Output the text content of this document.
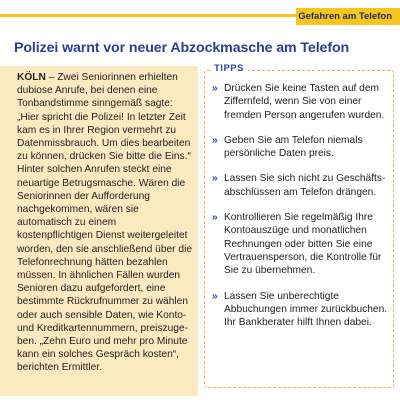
Gefahren am Telefon
Polizei warnt vor neuer Abzockmasche am Telefon

KÖLN – Zwei Seniorinnen erhielten dubiose Anrufe, bei denen eine Tonbandstimme sinngemäß sagte: „Hier spricht die Polizei! In letzter Zeit kam es in Ihrer Region vermehrt zu Datenmissbrauch. Um dies bearbeiten zu können, drücken Sie bitte die Eins.“ Hinter solchen Anrufen steckt eine neuartige Betrugsmasche. Wären die Seniorinnen der Aufforderung nachgekommen, wären sie automatisch zu einem kostenpflichtigen Dienst weitergeleitet worden, den sie anschließend über die Telefonrechnung hätten bezahlen müssen. In ähnlichen Fällen wurden Senioren dazu aufgefordert, eine bestimmte Rückrufnummer zu wählen oder auch sensible Daten, wie Konto- und Kreditkartennummern, preiszugeben. „Zehn Euro und mehr pro Minute kann ein solches Gespräch kosten“, berichten Ermittler.

TIPPS
» Drücken Sie keine Tasten auf dem Ziffernfeld, wenn Sie von einer fremden Person angerufen wurden.
» Geben Sie am Telefon niemals persönliche Daten preis.
» Lassen Sie sich nicht zu Geschäftsabschlüssen am Telefon drängen.
» Kontrollieren Sie regelmäßig Ihre Kontoauszüge und monatlichen Rechnungen oder bitten Sie eine Vertrauensperson, die Kontrolle für Sie zu übernehmen.
» Lassen Sie unberechtigte Abbuchungen immer zurückbuchen. Ihr Bankberater hilft Ihnen dabei.
